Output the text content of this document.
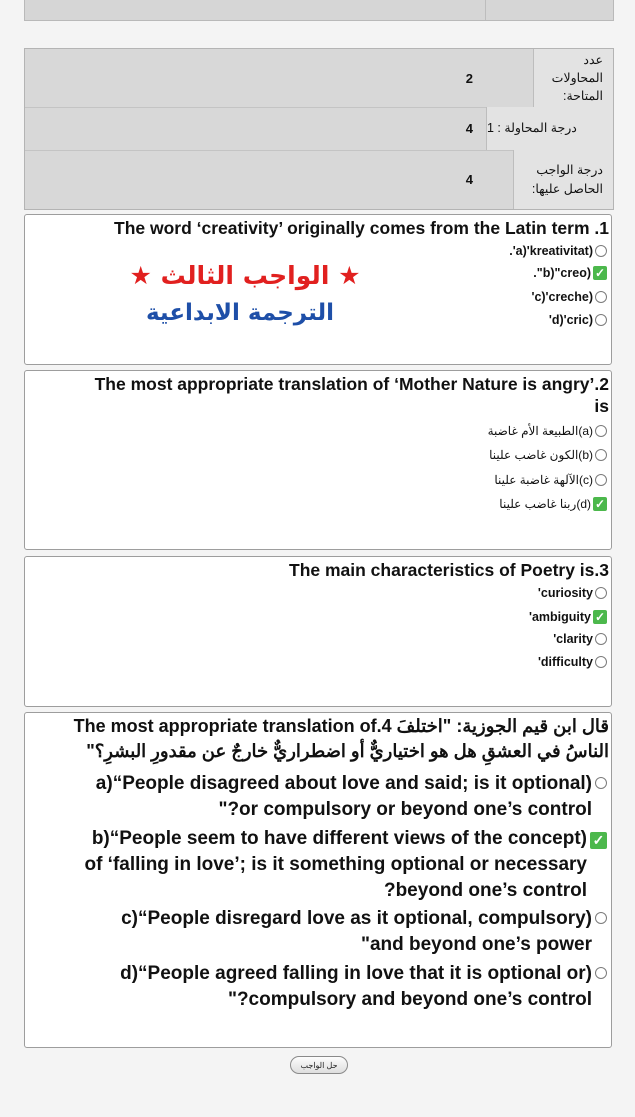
2
عدد المحاولات المتاحة:
4	درجة المحاولة : 1
4
درجة الواجب الحاصل عليها:
The word ‘creativity’ originally comes from the Latin term .1
.'a)'kreativitat)
."b)"creo) ✓
'c)'creche)
'd)'cric)
★ الواجب الثالث ★
الترجمة الابداعية
The most appropriate translation of ‘Mother Nature is angry’.2
is
(a)الطبيعة الأم غاضبة
(b)الكون غاضب علينا
(c)الآلهة غاضبة علينا
(d)ربنا غاضب علينا ✓
The main characteristics of Poetry is.3
'curiosity
'ambiguity ✓
'clarity
'difficulty
The most appropriate translation of.4 قال ابن قيم الجوزية: "اختلفَ
الناسُ في العشقِ هل هو اختياريٌّ أو اضطراريٌّ خارجٌ عن مقدورِ البشرِ؟"
a)“People disagreed about love and said; is it optional)
"?or compulsory or beyond one’s control
b)“People seem to have different views of the concept)
of ‘falling in love’; is it something optional or necessary
?beyond one’s control
✓
c)“People disregard love as it optional, compulsory)
"and beyond one’s power
d)“People agreed falling in love that it is optional or)
"?compulsory and beyond one’s control
حل الواجب
